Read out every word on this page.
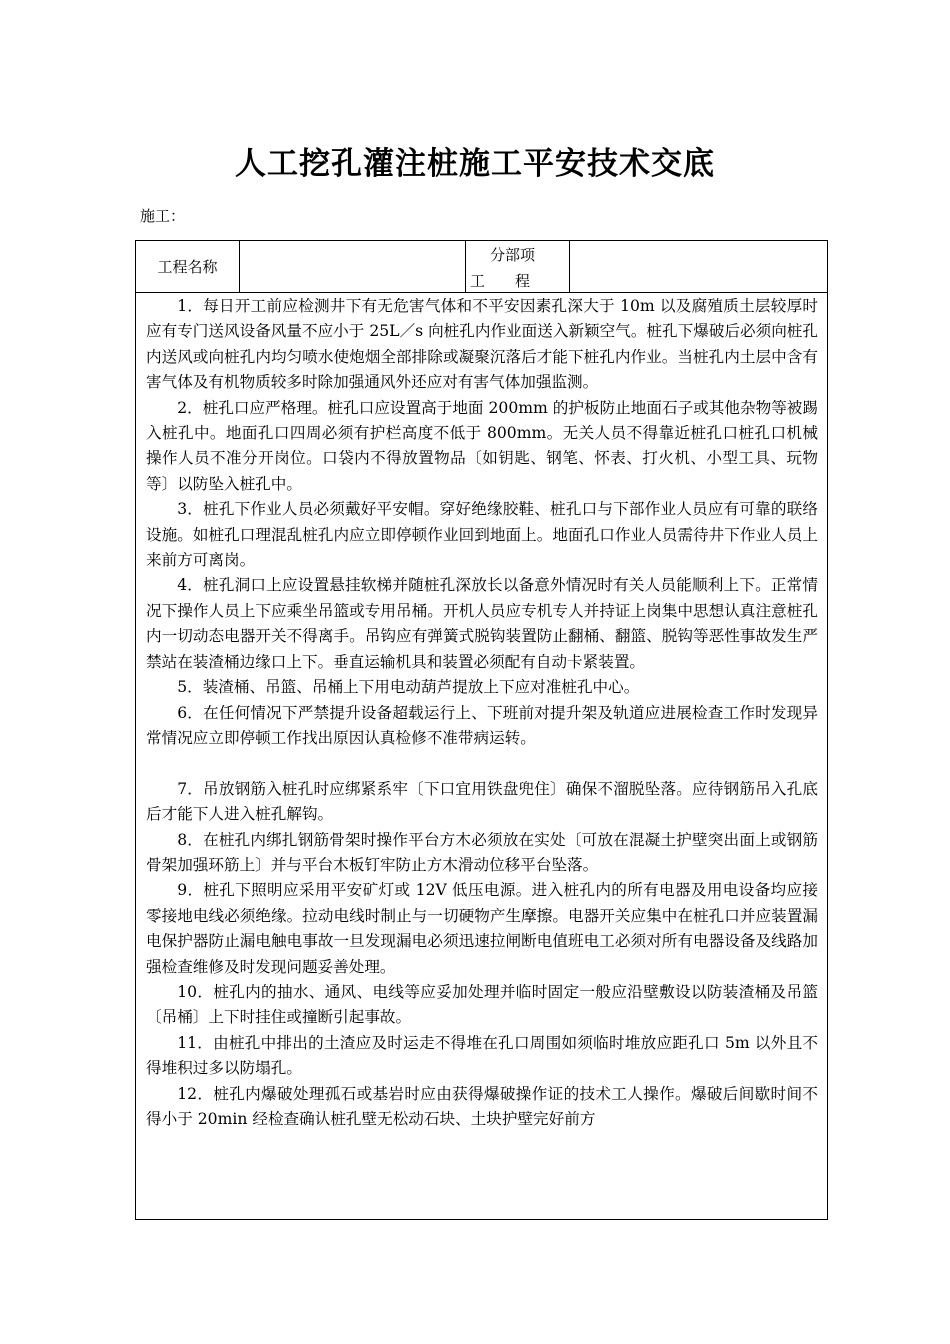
人工挖孔灌注桩施工平安技术交底
施工：
工程名称
分部项
工　　程

1．每日开工前应检测井下有无危害气体和不平安因素孔深大于 10m 以及腐殖质土层较厚时应有专门送风设备风量不应小于 25L／s 向桩孔内作业面送入新颖空气。桩孔下爆破后必须向桩孔内送风或向桩孔内均匀喷水使炮烟全部排除或凝聚沉落后才能下桩孔内作业。当桩孔内土层中含有害气体及有机物质较多时除加强通风外还应对有害气体加强监测。

2．桩孔口应严格理。桩孔口应设置高于地面 200mm 的护板防止地面石子或其他杂物等被踢入桩孔中。地面孔口四周必须有护栏高度不低于 800mm。无关人员不得靠近桩孔口桩孔口机械操作人员不准分开岗位。口袋内不得放置物品〔如钥匙、钢笔、怀表、打火机、小型工具、玩物等〕以防坠入桩孔中。

3．桩孔下作业人员必须戴好平安帽。穿好绝缘胶鞋、桩孔口与下部作业人员应有可靠的联络设施。如桩孔口理混乱桩孔内应立即停顿作业回到地面上。地面孔口作业人员需待井下作业人员上来前方可离岗。

4．桩孔洞口上应设置悬挂软梯并随桩孔深放长以备意外情况时有关人员能顺利上下。正常情况下操作人员上下应乘坐吊篮或专用吊桶。开机人员应专机专人并持证上岗集中思想认真注意桩孔内一切动态电器开关不得离手。吊钩应有弹簧式脱钩装置防止翻桶、翻篮、脱钩等恶性事故发生严禁站在装渣桶边缘口上下。垂直运输机具和装置必须配有自动卡紧装置。

5．装渣桶、吊篮、吊桶上下用电动葫芦提放上下应对准桩孔中心。

6．在任何情况下严禁提升设备超载运行上、下班前对提升架及轨道应进展检查工作时发现异常情况应立即停顿工作找出原因认真检修不准带病运转。

7．吊放钢筋入桩孔时应绑紧系牢〔下口宜用铁盘兜住〕确保不溜脱坠落。应待钢筋吊入孔底后才能下人进入桩孔解钩。

8．在桩孔内绑扎钢筋骨架时操作平台方木必须放在实处〔可放在混凝土护壁突出面上或钢筋骨架加强环筋上〕并与平台木板钉牢防止方木滑动位移平台坠落。

9．桩孔下照明应采用平安矿灯或 12V 低压电源。进入桩孔内的所有电器及用电设备均应接零接地电线必须绝缘。拉动电线时制止与一切硬物产生摩擦。电器开关应集中在桩孔口并应装置漏电保护器防止漏电触电事故一旦发现漏电必须迅速拉闸断电值班电工必须对所有电器设备及线路加强检查维修及时发现问题妥善处理。

10．桩孔内的抽水、通风、电线等应妥加处理并临时固定一般应沿壁敷设以防装渣桶及吊篮〔吊桶〕上下时挂住或撞断引起事故。

11．由桩孔中排出的土渣应及时运走不得堆在孔口周围如须临时堆放应距孔口 5m 以外且不得堆积过多以防塌孔。

12．桩孔内爆破处理孤石或基岩时应由获得爆破操作证的技术工人操作。爆破后间歇时间不得小于 20min 经检查确认桩孔壁无松动石块、土块护壁完好前方
